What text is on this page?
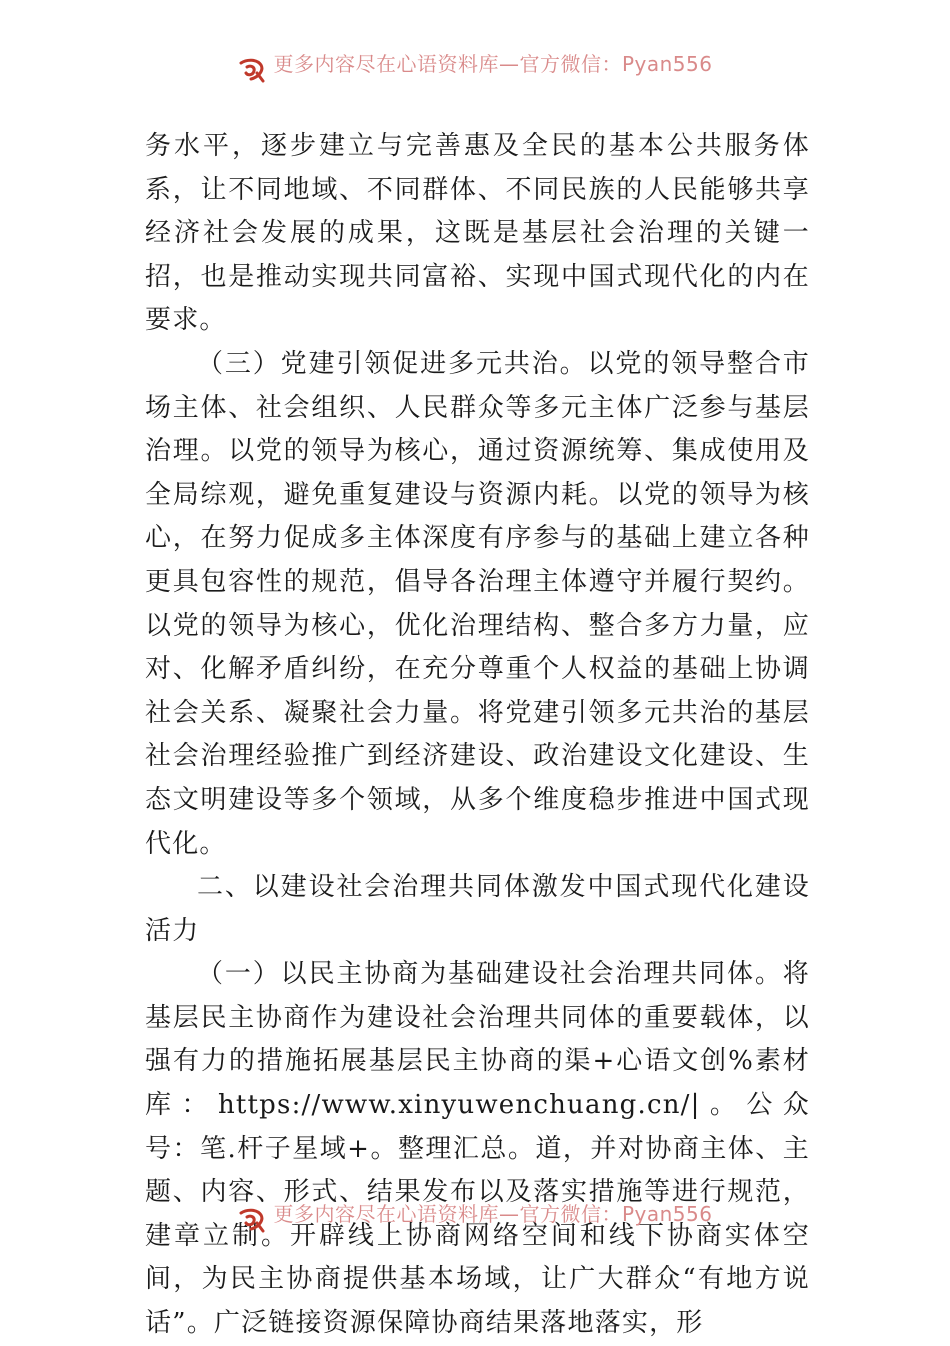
更多内容尽在心语资料库—官方微信：Pyan556

务水平，逐步建立与完善惠及全民的基本公共服务体系，让不同地域、不同群体、不同民族的人民能够共享经济社会发展的成果，这既是基层社会治理的关键一招，也是推动实现共同富裕、实现中国式现代化的内在要求。

（三）党建引领促进多元共治。以党的领导整合市场主体、社会组织、人民群众等多元主体广泛参与基层治理。以党的领导为核心，通过资源统筹、集成使用及全局综观，避免重复建设与资源内耗。以党的领导为核心，在努力促成多主体深度有序参与的基础上建立各种更具包容性的规范，倡导各治理主体遵守并履行契约。以党的领导为核心，优化治理结构、整合多方力量，应对、化解矛盾纠纷，在充分尊重个人权益的基础上协调社会关系、凝聚社会力量。将党建引领多元共治的基层社会治理经验推广到经济建设、政治建设文化建设、生态文明建设等多个领域，从多个维度稳步推进中国式现代化。

二、以建设社会治理共同体激发中国式现代化建设活力

（一）以民主协商为基础建设社会治理共同体。将基层民主协商作为建设社会治理共同体的重要载体，以强有力的措施拓展基层民主协商的渠+心语文创%素材库：https://www.xinyuwenchuang.cn/|。公众号：笔.杆子星域+。整理汇总。道，并对协商主体、主题、内容、形式、结果发布以及落实措施等进行规范，建章立制。开辟线上协商网络空间和线下协商实体空间，为民主协商提供基本场域，让广大群众“有地方说话”。广泛链接资源保障协商结果落地落实，形

更多内容尽在心语资料库—官方微信：Pyan556
